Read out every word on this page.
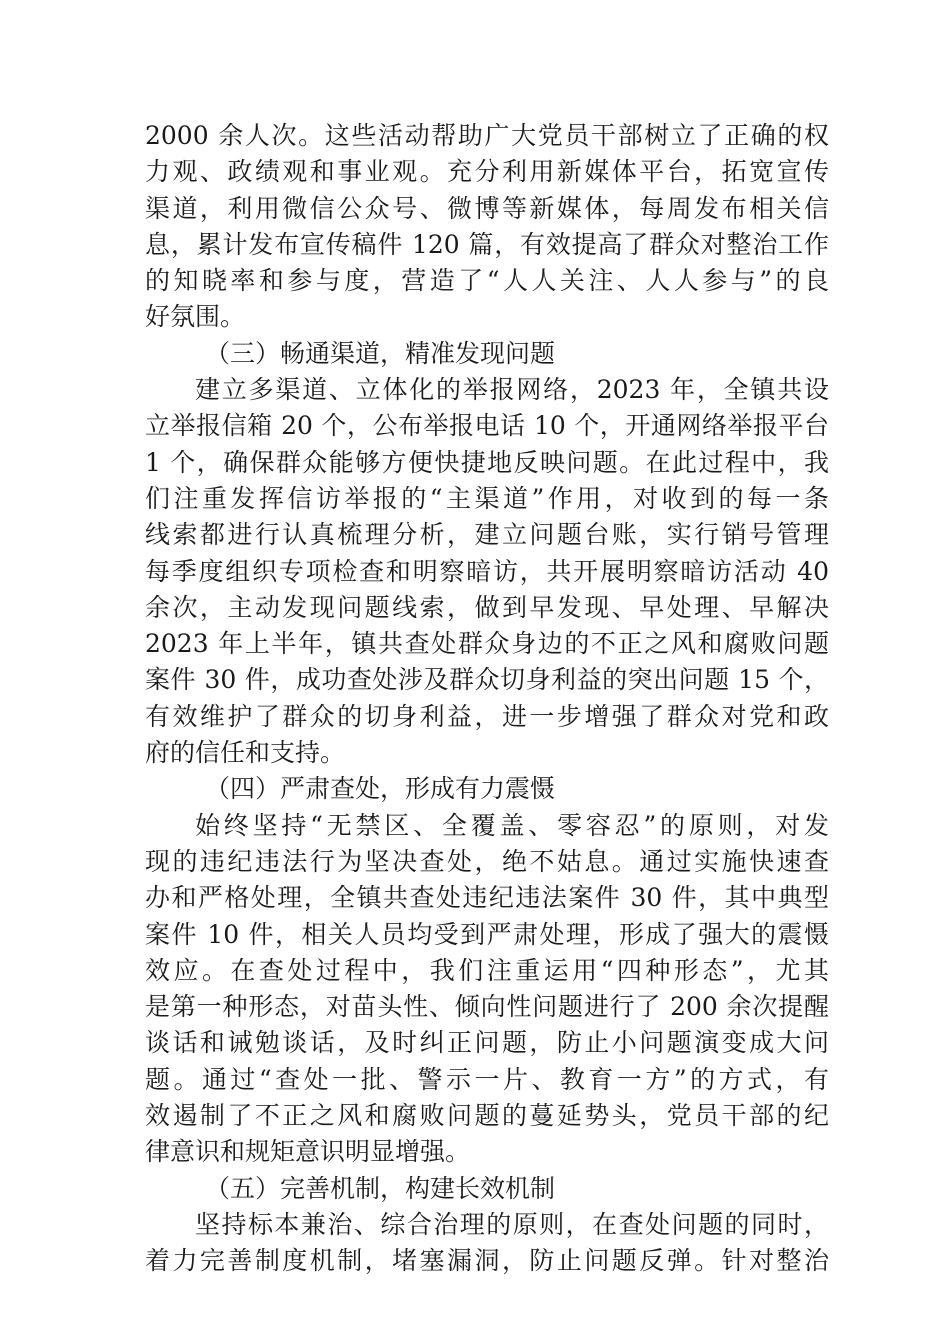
2000 余人次。这些活动帮助广大党员干部树立了正确的权
力观、政绩观和事业观。充分利用新媒体平台，拓宽宣传
渠道，利用微信公众号、微博等新媒体，每周发布相关信
息，累计发布宣传稿件 120 篇，有效提高了群众对整治工作
的知晓率和参与度，营造了“人人关注、人人参与”的良
好氛围。
（三）畅通渠道，精准发现问题
建立多渠道、立体化的举报网络，2023 年，全镇共设
立举报信箱 20 个，公布举报电话 10 个，开通网络举报平台
1 个，确保群众能够方便快捷地反映问题。在此过程中，我
们注重发挥信访举报的“主渠道”作用，对收到的每一条
线索都进行认真梳理分析，建立问题台账，实行销号管理
每季度组织专项检查和明察暗访，共开展明察暗访活动 40
余次，主动发现问题线索，做到早发现、早处理、早解决
2023 年上半年，镇共查处群众身边的不正之风和腐败问题
案件 30 件，成功查处涉及群众切身利益的突出问题 15 个，
有效维护了群众的切身利益，进一步增强了群众对党和政
府的信任和支持。
（四）严肃查处，形成有力震慑
始终坚持“无禁区、全覆盖、零容忍”的原则，对发
现的违纪违法行为坚决查处，绝不姑息。通过实施快速查
办和严格处理，全镇共查处违纪违法案件 30 件，其中典型
案件 10 件，相关人员均受到严肃处理，形成了强大的震慑
效应。在查处过程中，我们注重运用“四种形态”，尤其
是第一种形态，对苗头性、倾向性问题进行了 200 余次提醒
谈话和诫勉谈话，及时纠正问题，防止小问题演变成大问
题。通过“查处一批、警示一片、教育一方”的方式，有
效遏制了不正之风和腐败问题的蔓延势头，党员干部的纪
律意识和规矩意识明显增强。
（五）完善机制，构建长效机制
坚持标本兼治、综合治理的原则，在查处问题的同时，
着力完善制度机制，堵塞漏洞，防止问题反弹。针对整治
